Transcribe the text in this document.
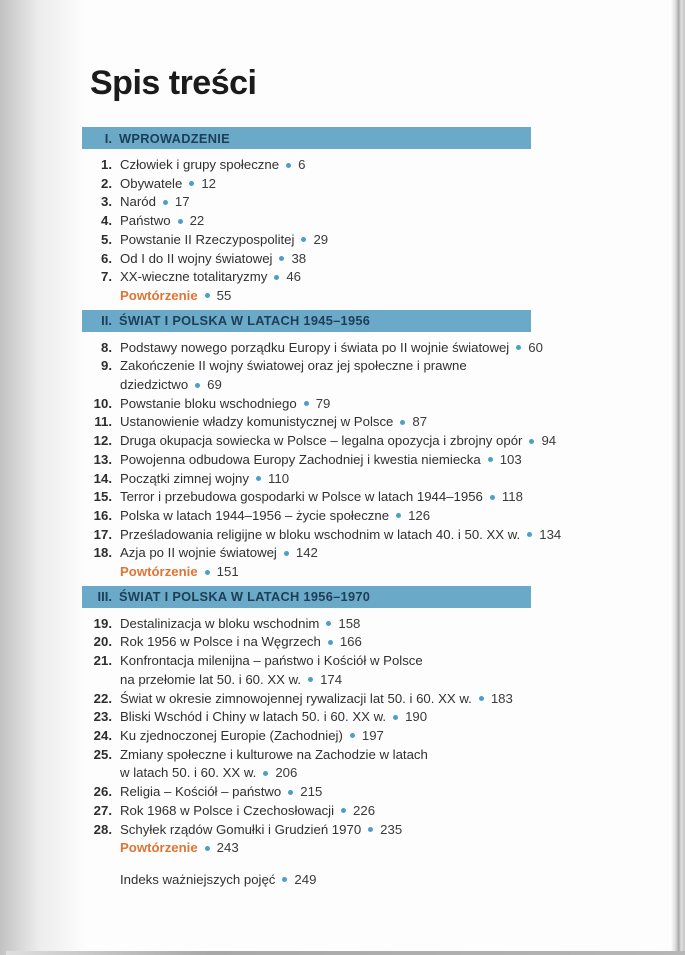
Spis treści
I. WPROWADZENIE
1. Człowiek i grupy społeczne 6
2. Obywatele 12
3. Naród 17
4. Państwo 22
5. Powstanie II Rzeczypospolitej 29
6. Od I do II wojny światowej 38
7. XX-wieczne totalitaryzmy 46
Powtórzenie 55
II. ŚWIAT I POLSKA W LATACH 1945–1956
8. Podstawy nowego porządku Europy i świata po II wojnie światowej 60
9. Zakończenie II wojny światowej oraz jej społeczne i prawne
dziedzictwo 69
10. Powstanie bloku wschodniego 79
11. Ustanowienie władzy komunistycznej w Polsce 87
12. Druga okupacja sowiecka w Polsce – legalna opozycja i zbrojny opór 94
13. Powojenna odbudowa Europy Zachodniej i kwestia niemiecka 103
14. Początki zimnej wojny 110
15. Terror i przebudowa gospodarki w Polsce w latach 1944–1956 118
16. Polska w latach 1944–1956 – życie społeczne 126
17. Prześladowania religijne w bloku wschodnim w latach 40. i 50. XX w. 134
18. Azja po II wojnie światowej 142
Powtórzenie 151
III. ŚWIAT I POLSKA W LATACH 1956–1970
19. Destalinizacja w bloku wschodnim 158
20. Rok 1956 w Polsce i na Węgrzech 166
21. Konfrontacja milenijna – państwo i Kościół w Polsce
na przełomie lat 50. i 60. XX w. 174
22. Świat w okresie zimnowojennej rywalizacji lat 50. i 60. XX w. 183
23. Bliski Wschód i Chiny w latach 50. i 60. XX w. 190
24. Ku zjednoczonej Europie (Zachodniej) 197
25. Zmiany społeczne i kulturowe na Zachodzie w latach
w latach 50. i 60. XX w. 206
26. Religia – Kościół – państwo 215
27. Rok 1968 w Polsce i Czechosłowacji 226
28. Schyłek rządów Gomułki i Grudzień 1970 235
Powtórzenie 243
Indeks ważniejszych pojęć 249
